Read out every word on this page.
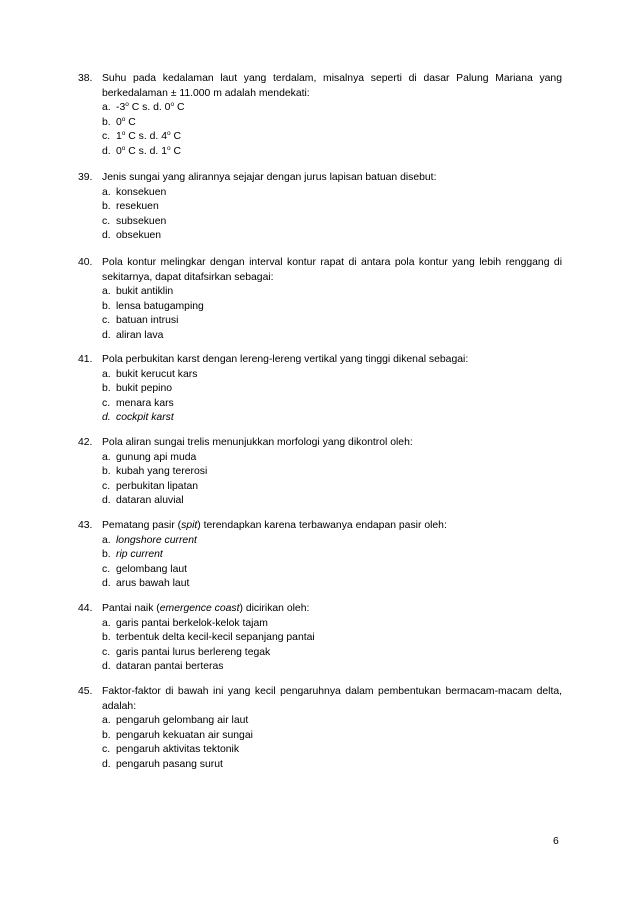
38. Suhu pada kedalaman laut yang terdalam, misalnya seperti di dasar Palung Mariana yang berkedalaman ± 11.000 m adalah mendekati:
a. -3$^o$ C s. d. 0$^o$ C
b. 0$^o$ C
c. 1$^o$ C s. d. 4$^o$ C
d. 0$^o$ C s. d. 1$^o$ C
39. Jenis sungai yang alirannya sejajar dengan jurus lapisan batuan disebut:
a. konsekuen
b. resekuen
c. subsekuen
d. obsekuen
40. Pola kontur melingkar dengan interval kontur rapat di antara pola kontur yang lebih renggang di sekitarnya, dapat ditafsirkan sebagai:
a. bukit antiklin
b. lensa batugamping
c. batuan intrusi
d. aliran lava
41. Pola perbukitan karst dengan lereng-lereng vertikal yang tinggi dikenal sebagai:
a. bukit kerucut kars
b. bukit pepino
c. menara kars
d. cockpit karst
42. Pola aliran sungai trelis menunjukkan morfologi yang dikontrol oleh:
a. gunung api muda
b. kubah yang tererosi
c. perbukitan lipatan
d. dataran aluvial
43. Pematang pasir (spit) terendapkan karena terbawanya endapan pasir oleh:
a. longshore current
b. rip current
c. gelombang laut
d. arus bawah laut
44. Pantai naik (emergence coast) dicirikan oleh:
a. garis pantai berkelok-kelok tajam
b. terbentuk delta kecil-kecil sepanjang pantai
c. garis pantai lurus berlereng tegak
d. dataran pantai berteras
45. Faktor-faktor di bawah ini yang kecil pengaruhnya dalam pembentukan bermacam-macam delta, adalah:
a. pengaruh gelombang air laut
b. pengaruh kekuatan air sungai
c. pengaruh aktivitas tektonik
d. pengaruh pasang surut
6
